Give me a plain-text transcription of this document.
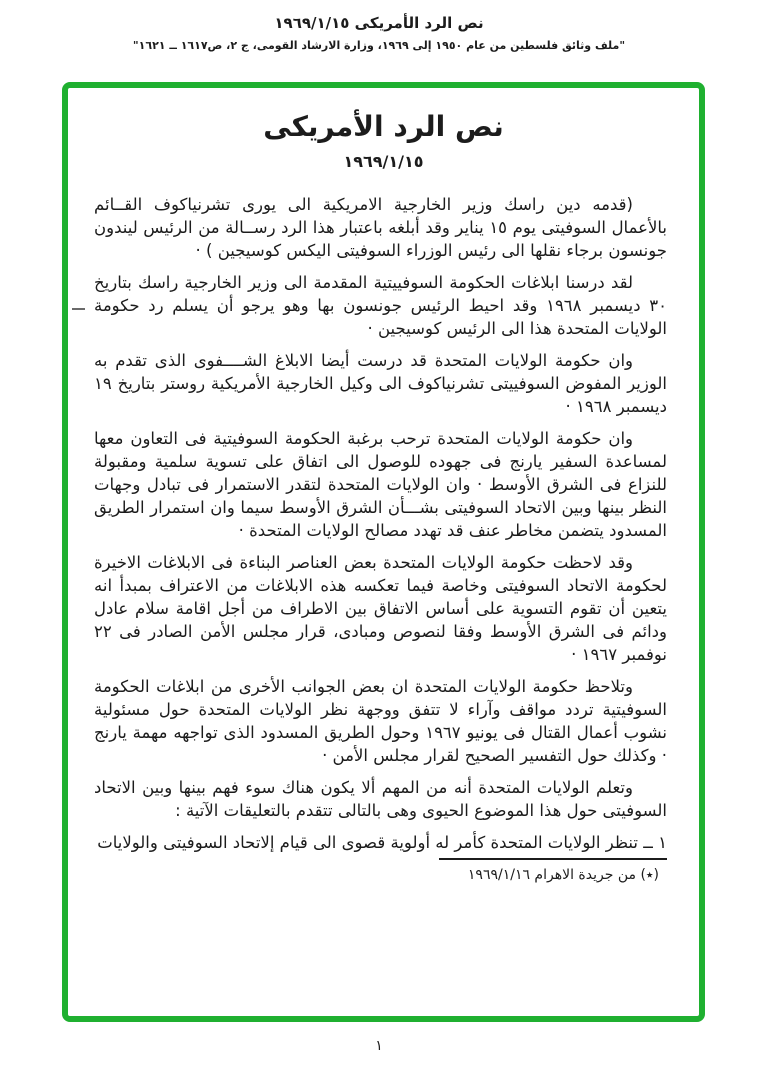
نص الرد الأمريكى ١٩٦٩/١/١٥
"ملف وثائق فلسطين من عام ١٩٥٠ إلى ١٩٦٩، وزارة الارشاد القومى، ج ٢، ص١٦١٧ ــ ١٦٢١"
نص الرد الأمريكى
١٩٦٩/١/١٥

(قدمه دين راسك وزير الخارجية الامريكية الى يورى تشرنياكوف القــائم بالأعمال السوفيتى يوم ١٥ يناير وقد أبلغه باعتبار هذا الرد رســالة من الرئيس ليندون جونسون برجاء نقلها الى رئيس الوزراء السوفيتى اليكس كوسيجين ) ·

لقد درسنا ابلاغات الحكومة السوفييتية المقدمة الى وزير الخارجية راسك بتاريخ ٣٠ ديسمبر ١٩٦٨ وقد احيط الرئيس جونسون بها وهو يرجو أن يسلم رد حكومة الولايات المتحدة هذا الى الرئيس كوسيجين ·

وان حكومة الولايات المتحدة قد درست أيضا الابلاغ الشــــفوى الذى تقدم به الوزير المفوض السوفييتى تشرنياكوف الى وكيل الخارجية الأمريكية روستر بتاريخ ١٩ ديسمبر ١٩٦٨ ·

وان حكومة الولايات المتحدة ترحب برغبة الحكومة السوفيتية فى التعاون معها لمساعدة السفير يارنج فى جهوده للوصول الى اتفاق على تسوية سلمية ومقبولة للنزاع فى الشرق الأوسط · وان الولايات المتحدة لتقدر الاستمرار فى تبادل وجهات النظر بينها وبين الاتحاد السوفيتى بشـــأن الشرق الأوسط سيما وان استمرار الطريق المسدود يتضمن مخاطر عنف قد تهدد مصالح الولايات المتحدة ·

وقد لاحظت حكومة الولايات المتحدة بعض العناصر البناءة فى الابلاغات الاخيرة لحكومة الاتحاد السوفيتى وخاصة فيما تعكسه هذه الابلاغات من الاعتراف بمبدأ انه يتعين أن تقوم التسوية على أساس الاتفاق بين الاطراف من أجل اقامة سلام عادل ودائم فى الشرق الأوسط وفقا لنصوص ومبادى، قرار مجلس الأمن الصادر فى ٢٢ نوفمبر ١٩٦٧ ·

وتلاحظ حكومة الولايات المتحدة ان بعض الجوانب الأخرى من ابلاغات الحكومة السوفيتية تردد مواقف وآراء لا تتفق ووجهة نظر الولايات المتحدة حول مسئولية نشوب أعمال القتال فى يونيو ١٩٦٧ وحول الطريق المسدود الذى تواجهه مهمة يارنج · وكذلك حول التفسير الصحيح لقرار مجلس الأمن ·

وتعلم الولايات المتحدة أنه من المهم ألا يكون هناك سوء فهم بينها وبين الاتحاد السوفيتى حول هذا الموضوع الحيوى وهى بالتالى تتقدم بالتعليقات الآتية :

١ ــ تنظر الولايات المتحدة كأمر له أولوية قصوى الى قيام إلاتحاد السوفيتى والولايات

(٭) من جريدة الاهرام ١٩٦٩/١/١٦
١
